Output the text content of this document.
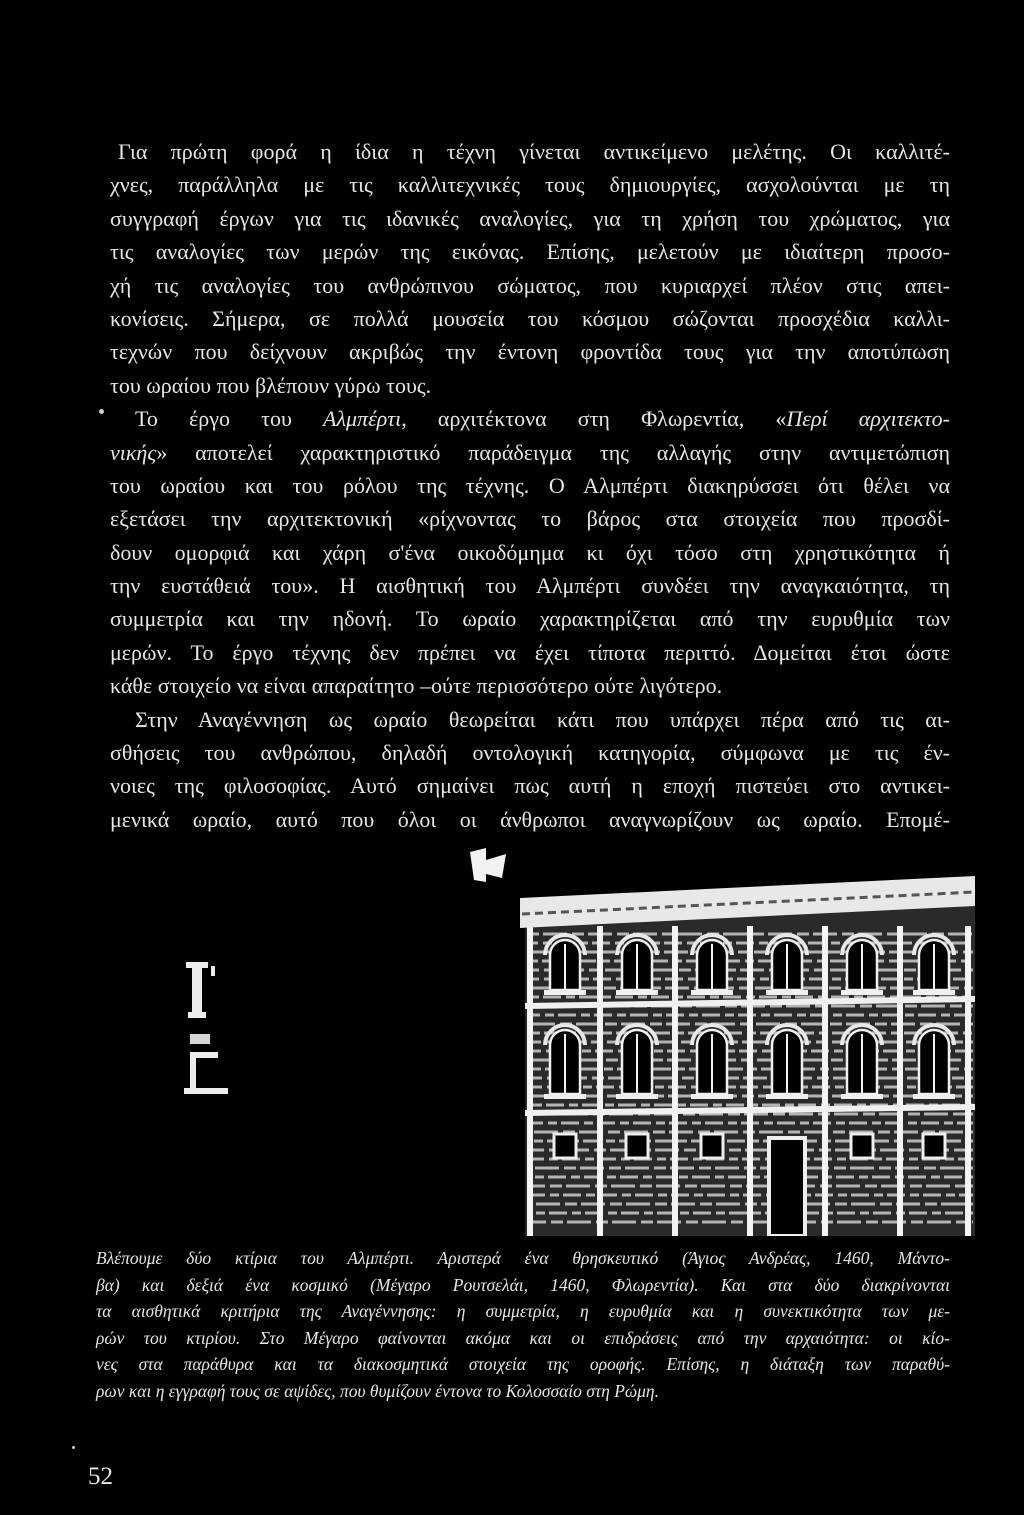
Για πρώτη φορά η ίδια η τέχνη γίνεται αντικείμενο μελέτης. Οι καλλιτέ-
χνες, παράλληλα με τις καλλιτεχνικές τους δημιουργίες, ασχολούνται με τη
συγγραφή έργων για τις ιδανικές αναλογίες, για τη χρήση του χρώματος, για
τις αναλογίες των μερών της εικόνας. Επίσης, μελετούν με ιδιαίτερη προσο-
χή τις αναλογίες του ανθρώπινου σώματος, που κυριαρχεί πλέον στις απει-
κονίσεις. Σήμερα, σε πολλά μουσεία του κόσμου σώζονται προσχέδια καλλι-
τεχνών που δείχνουν ακριβώς την έντονη φροντίδα τους για την αποτύπωση
του ωραίου που βλέπουν γύρω τους.
Το έργο του Αλμπέρτι, αρχιτέκτονα στη Φλωρεντία, «Περί αρχιτεκτο-
νικής» αποτελεί χαρακτηριστικό παράδειγμα της αλλαγής στην αντιμετώπιση
του ωραίου και του ρόλου της τέχνης. Ο Αλμπέρτι διακηρύσσει ότι θέλει να
εξετάσει την αρχιτεκτονική «ρίχνοντας το βάρος στα στοιχεία που προσδί-
δουν ομορφιά και χάρη σ'ένα οικοδόμημα κι όχι τόσο στη χρηστικότητα ή
την ευστάθειά του». Η αισθητική του Αλμπέρτι συνδέει την αναγκαιότητα, τη
συμμετρία και την ηδονή. Το ωραίο χαρακτηρίζεται από την ευρυθμία των
μερών. Το έργο τέχνης δεν πρέπει να έχει τίποτα περιττό. Δομείται έτσι ώστε
κάθε στοιχείο να είναι απαραίτητο –ούτε περισσότερο ούτε λιγότερο.
Στην Αναγέννηση ως ωραίο θεωρείται κάτι που υπάρχει πέρα από τις αι-
σθήσεις του ανθρώπου, δηλαδή οντολογική κατηγορία, σύμφωνα με τις έν-
νοιες της φιλοσοφίας. Αυτό σημαίνει πως αυτή η εποχή πιστεύει στο αντικει-
μενικά ωραίο, αυτό που όλοι οι άνθρωποι αναγνωρίζουν ως ωραίο. Επομέ-
Βλέπουμε δύο κτίρια του Αλμπέρτι. Αριστερά ένα θρησκευτικό (Άγιος Ανδρέας, 1460, Μάντο-
βα) και δεξιά ένα κοσμικό (Μέγαρο Ρουτσελάι, 1460, Φλωρεντία). Και στα δύο διακρίνονται
τα αισθητικά κριτήρια της Αναγέννησης: η συμμετρία, η ευρυθμία και η συνεκτικότητα των με-
ρών του κτιρίου. Στο Μέγαρο φαίνονται ακόμα και οι επιδράσεις από την αρχαιότητα: οι κίο-
νες στα παράθυρα και τα διακοσμητικά στοιχεία της οροφής. Επίσης, η διάταξη των παραθύ-
ρων και η εγγραφή τους σε αψίδες, που θυμίζουν έντονα το Κολοσσαίο στη Ρώμη.
52
